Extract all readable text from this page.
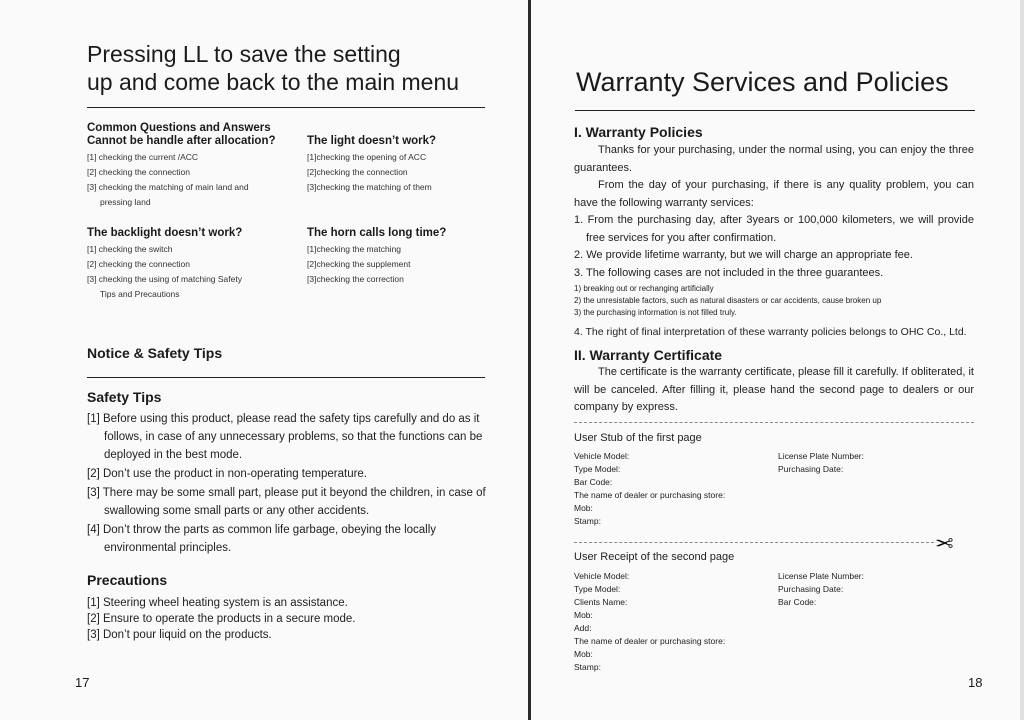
Pressing LL to save the setting
up and come back to the main menu
Common Questions and Answers
Cannot be handle after allocation?
[1] checking the current /ACC
[2] checking the connection
[3] checking the matching of main land and
pressing land
The light doesn’t work?
[1]checking the opening of ACC
[2]checking the connection
[3]checking the matching of them
The backlight doesn’t work?
[1] checking the switch
[2] checking the connection
[3] checking the using of matching Safety
Tips and Precautions
The horn calls long time?
[1]checking the matching
[2]checking the supplement
[3]checking the correction
Notice & Safety Tips
Safety Tips
[1] Before using this product, please read the safety tips carefully and do as it follows, in case of any unnecessary problems, so that the functions can be deployed in the best mode.
[2] Don’t use the product in non-operating temperature.
[3] There may be some small part, please put it beyond the children, in case of swallowing some small parts or any other accidents.
[4] Don’t throw the parts as common life garbage, obeying the locally environmental principles.
Precautions
[1] Steering wheel heating system is an assistance.
[2] Ensure to operate the products in a secure mode.
[3] Don’t pour liquid on the products.
17
Warranty Services and Policies
I. Warranty Policies
Thanks for your purchasing, under the normal using, you can enjoy the three guarantees.
From the day of your purchasing, if there is any quality problem, you can have the following warranty services:
1. From the purchasing day, after 3years or 100,000 kilometers, we will provide free services for you after confirmation.
2. We provide lifetime warranty, but we will charge an appropriate fee.
3. The following cases are not included in the three guarantees.
1) breaking out or rechanging artificially
2) the unresistable factors, such as natural disasters or car accidents, cause broken up
3) the purchasing information is not filled truly.
4. The right of final interpretation of these warranty policies belongs to OHC Co., Ltd.
II. Warranty Certificate
The certificate is the warranty certificate, please fill it carefully. If obliterated, it will be canceled. After filling it, please hand the second page to dealers or our company by express.
User Stub of the first page
Vehicle Model:
Type Model:
Bar Code:
The name of dealer or purchasing store:
Mob:
Stamp:
License Plate Number:
Purchasing Date:
✂
User Receipt of the second page
Vehicle Model:
Type Model:
Clients Name:
Mob:
Add:
The name of dealer or purchasing store:
Mob:
Stamp:
License Plate Number:
Purchasing Date:
Bar Code:
18
